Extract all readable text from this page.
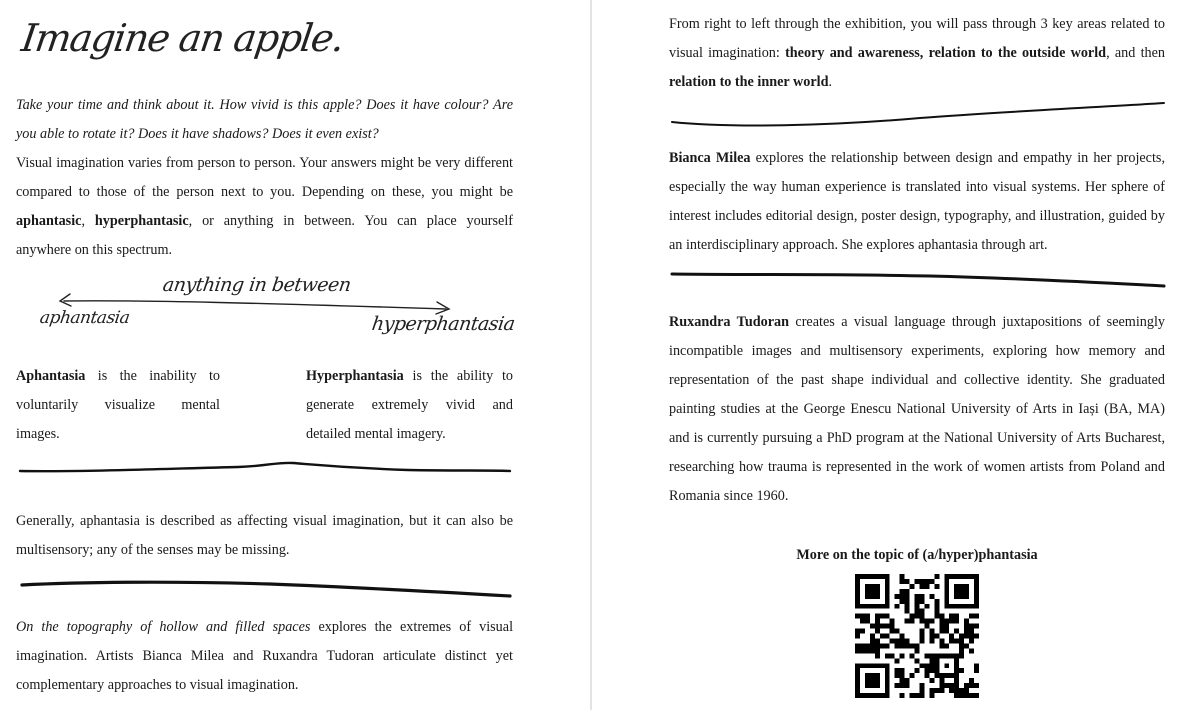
Imagine an apple.

Take your time and think about it. How vivid is this apple? Does it have colour? Are you able to rotate it? Does it have shadows? Does it even exist?

Visual imagination varies from person to person. Your answers might be very different compared to those of the person next to you. Depending on these, you might be aphantasic, hyperphantasic, or anything in between. You can place yourself anywhere on this spectrum.

anything in between
aphantasia	hyperphantasia

Aphantasia is the inability to voluntarily visualize mental images.

Hyperphantasia is the ability to generate extremely vivid and detailed mental imagery.

Generally, aphantasia is described as affecting visual imagination, but it can also be multisensory; any of the senses may be missing.

On the topography of hollow and filled spaces explores the extremes of visual imagination. Artists Bianca Milea and Ruxandra Tudoran articulate distinct yet complementary approaches to visual imagination.

From right to left through the exhibition, you will pass through 3 key areas related to visual imagination: theory and awareness, relation to the outside world, and then relation to the inner world.

Bianca Milea explores the relationship between design and empathy in her projects, especially the way human experience is translated into visual systems. Her sphere of interest includes editorial design, poster design, typography, and illustration, guided by an interdisciplinary approach. She explores aphantasia through art.

Ruxandra Tudoran creates a visual language through juxtapositions of seemingly incompatible images and multisensory experiments, exploring how memory and representation of the past shape individual and collective identity. She graduated painting studies at the George Enescu National University of Arts in Iași (BA, MA) and is currently pursuing a PhD program at the National University of Arts Bucharest, researching how trauma is represented in the work of women artists from Poland and Romania since 1960.

More on the topic of (a/hyper)phantasia
